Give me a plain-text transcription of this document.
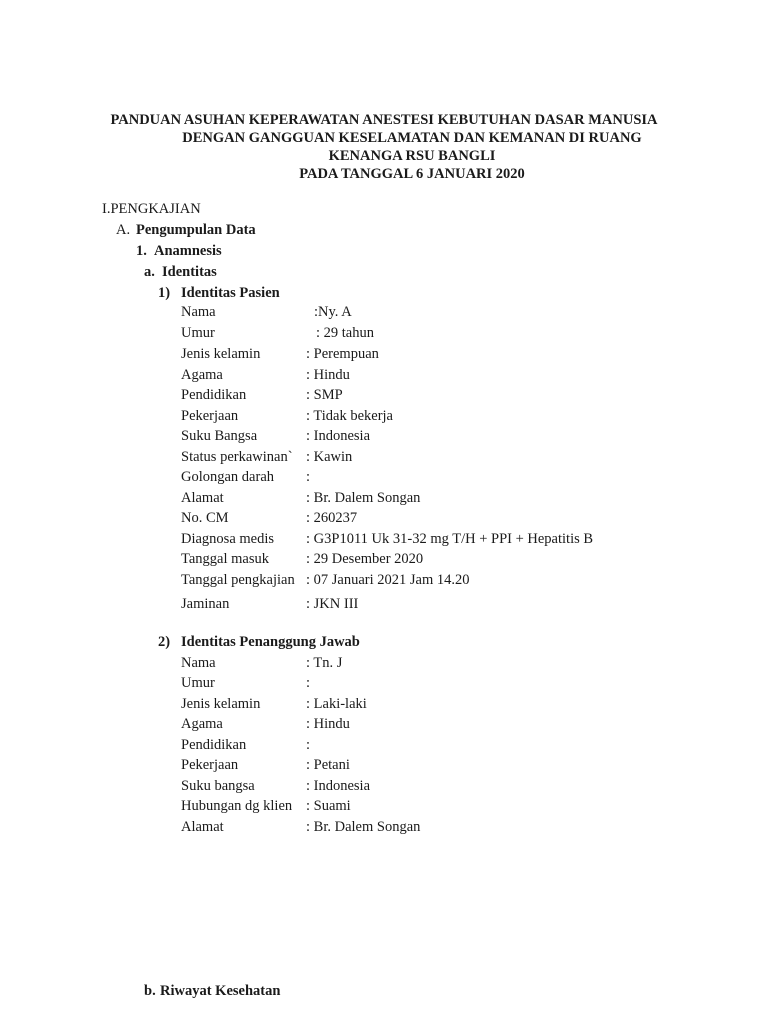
PANDUAN ASUHAN KEPERAWATAN ANESTESI KEBUTUHAN DASAR MANUSIA
DENGAN GANGGUAN KESELAMATAN DAN KEMANAN DI RUANG
KENANGA RSU BANGLI
PADA TANGGAL 6 JANUARI 2020
I.PENGKAJIAN
A. Pengumpulan Data
1. Anamnesis
a. Identitas
1) Identitas Pasien
Nama	:Ny. A
Umur	: 29 tahun
Jenis kelamin	: Perempuan
Agama	: Hindu
Pendidikan	: SMP
Pekerjaan	: Tidak bekerja
Suku Bangsa	: Indonesia
Status perkawinan` : Kawin
Golongan darah :
Alamat	: Br. Dalem Songan
No. CM	: 260237
Diagnosa medis : G3P1011 Uk 31-32 mg T/H + PPI + Hepatitis B
Tanggal masuk	: 29 Desember 2020
Tanggal pengkajian : 07 Januari 2021 Jam 14.20
Jaminan	: JKN III
2) Identitas Penanggung Jawab
Nama	: Tn. J
Umur	:
Jenis kelamin	: Laki-laki
Agama	: Hindu
Pendidikan	:
Pekerjaan	: Petani
Suku bangsa	: Indonesia
Hubungan dg klien : Suami
Alamat	: Br. Dalem Songan
b. Riwayat Kesehatan
